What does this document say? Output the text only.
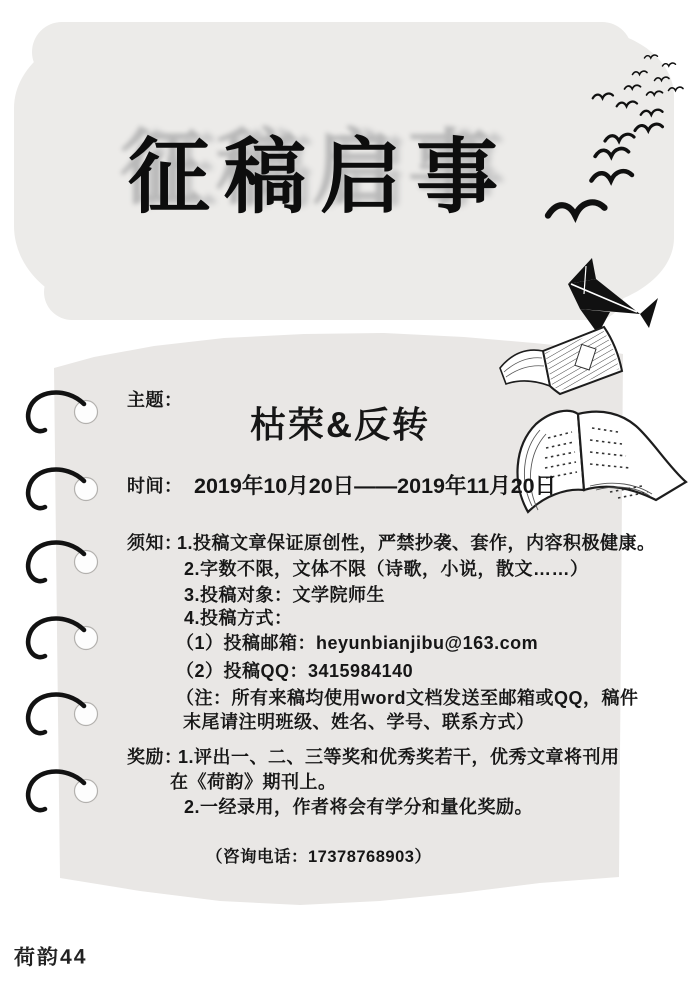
征稿启事
主题：
枯荣&反转
时间： 2019年10月20日——2019年11月20日
须知：
1.投稿文章保证原创性，严禁抄袭、套作，内容积极健康。
2.字数不限，文体不限（诗歌，小说，散文……）
3.投稿对象：文学院师生
4.投稿方式：
（1）投稿邮箱：heyunbianjibu@163.com
（2）投稿QQ：3415984140
（注：所有来稿均使用word文档发送至邮箱或QQ，稿件
末尾请注明班级、姓名、学号、联系方式）
奖励：
1.评出一、二、三等奖和优秀奖若干，优秀文章将刊用
在《荷韵》期刊上。
2.一经录用，作者将会有学分和量化奖励。
（咨询电话：17378768903）
荷韵44
